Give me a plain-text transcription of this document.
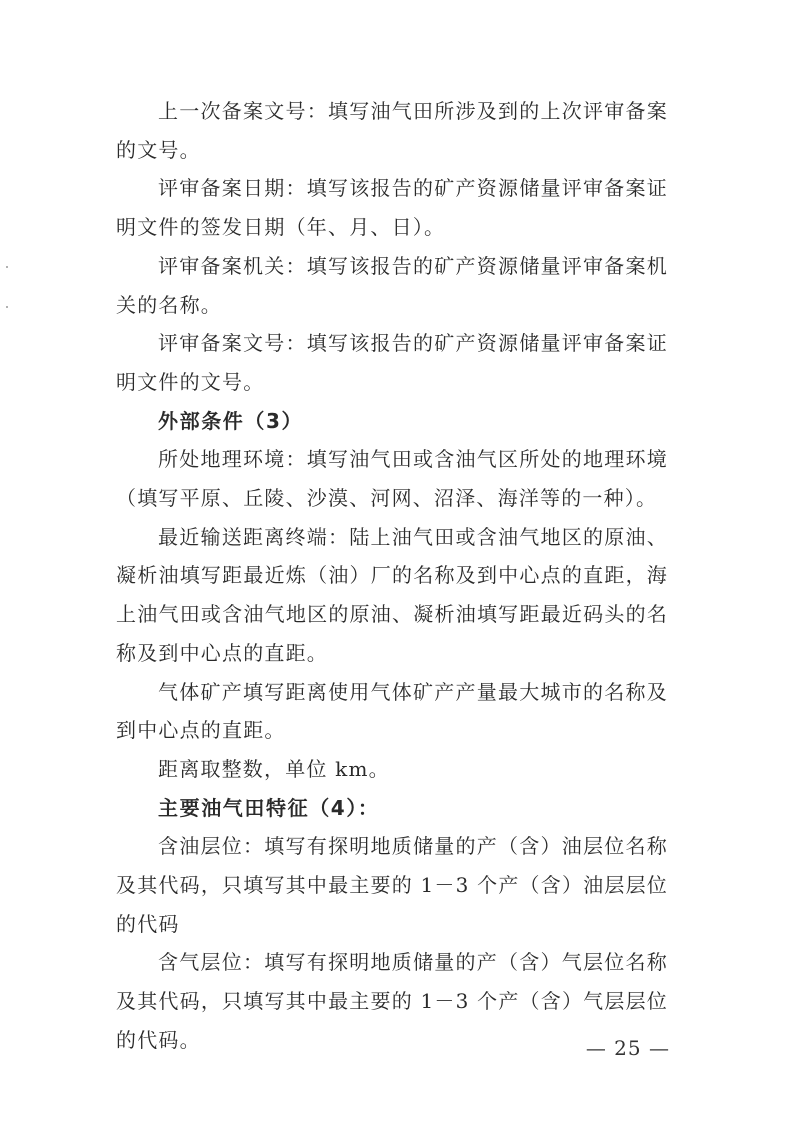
上一次备案文号：填写油气田所涉及到的上次评审备案的文号。

评审备案日期：填写该报告的矿产资源储量评审备案证明文件的签发日期（年、月、日）。

评审备案机关：填写该报告的矿产资源储量评审备案机关的名称。

评审备案文号：填写该报告的矿产资源储量评审备案证明文件的文号。

外部条件（3）

所处地理环境：填写油气田或含油气区所处的地理环境（填写平原、丘陵、沙漠、河网、沼泽、海洋等的一种）。

最近输送距离终端：陆上油气田或含油气地区的原油、凝析油填写距最近炼（油）厂的名称及到中心点的直距，海上油气田或含油气地区的原油、凝析油填写距最近码头的名称及到中心点的直距。

气体矿产填写距离使用气体矿产产量最大城市的名称及到中心点的直距。

距离取整数，单位 km。

主要油气田特征（4）：

含油层位：填写有探明地质储量的产（含）油层位名称及其代码，只填写其中最主要的 1－3 个产（含）油层层位的代码

含气层位：填写有探明地质储量的产（含）气层位名称及其代码，只填写其中最主要的 1－3 个产（含）气层层位的代码。	— 25 —
